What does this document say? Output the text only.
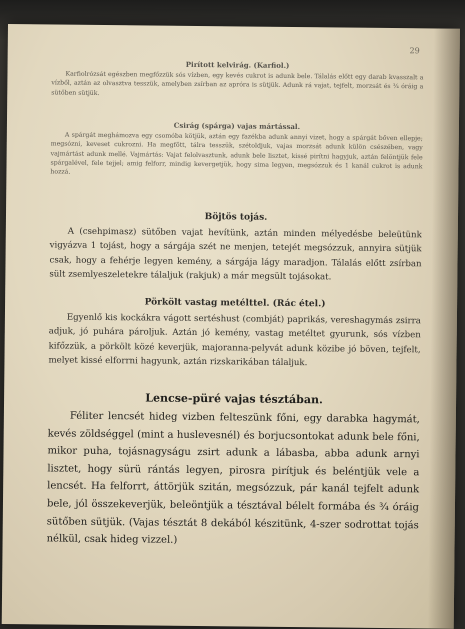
29

Pirított kelvirág. (Karfiol.)

Karfiolrózsát egészben megfőzzük sós vízben, egy kevés cukrot is adunk bele. Tálalás előtt egy darab kvasszalt a vízből, aztán az olvasztva tesszük, amelyben zsírban az apróra is sütjük. Adunk rá vajat, tejfelt, morzsát és ¾ óráig a sütőben sütjük.

Csirág (spárga) vajas mártással.

A spárgát meghámozva egy csomóba kötjük, aztán egy fazékba adunk annyi vizet, hogy a spárgát bőven ellepje; megsózni, keveset cukrozni. Ha megfőtt, tálra tesszük, szétoldjuk, vajas morzsát adunk külön csészében, vagy vajmártást adunk mellé. Vajmártás: Vajat felolvasztunk, adunk bele lisztet, kissé pirítni hagyjuk, aztán felöntjük fele spárgalével, fele tejjel; amig felforr, mindig kevergetjük, hogy sima legyen, megsózzuk és 1 kanál cukrot is adunk hozzá.

Böjtös tojás.

A (csehpimasz) sütőben vajat hevítünk, aztán minden mélyedésbe beleütünk vigyázva 1 tojást, hogy a sárgája szét ne menjen, tetejét megsózzuk, annyira sütjük csak, hogy a fehérje legyen kemény, a sárgája lágy maradjon. Tálalás előtt zsírban sült zsemlyeszeletekre tálaljuk (rakjuk) a már megsült tojásokat.

Pörkölt vastag metélttel. (Rác étel.)

Egyenlő kis kockákra vágott sertéshust (combját) paprikás, vereshagymás zsirra adjuk, jó puhára pároljuk. Aztán jó kemény, vastag metéltet gyurunk, sós vízben kifőzzük, a pörkölt közé keverjük, majoranna-pelyvát adunk közibe jó böven, tejfelt, melyet kissé elforrni hagyunk, aztán rizskarikában tálaljuk.

Lencse-püré vajas tésztában.

Féliter lencsét hideg vizben felteszünk főni, egy darabka hagymát, kevés zöldséggel (mint a huslevesnél) és borjucsontokat adunk bele főni, mikor puha, tojásnagyságu zsirt adunk a lábasba, abba adunk arnyi lisztet, hogy sürü rántás legyen, pirosra pirítjuk és beléntjük vele a lencsét. Ha felforrt, áttörjük szitán, megsózzuk, pár kanál tejfelt adunk bele, jól összekeverjük, beleöntjük a tésztával bélelt formába és ¾ óráig sütőben sütjük. (Vajas tésztát 8 dekából készitünk, 4-szer sodrottat tojás nélkül, csak hideg vizzel.)
